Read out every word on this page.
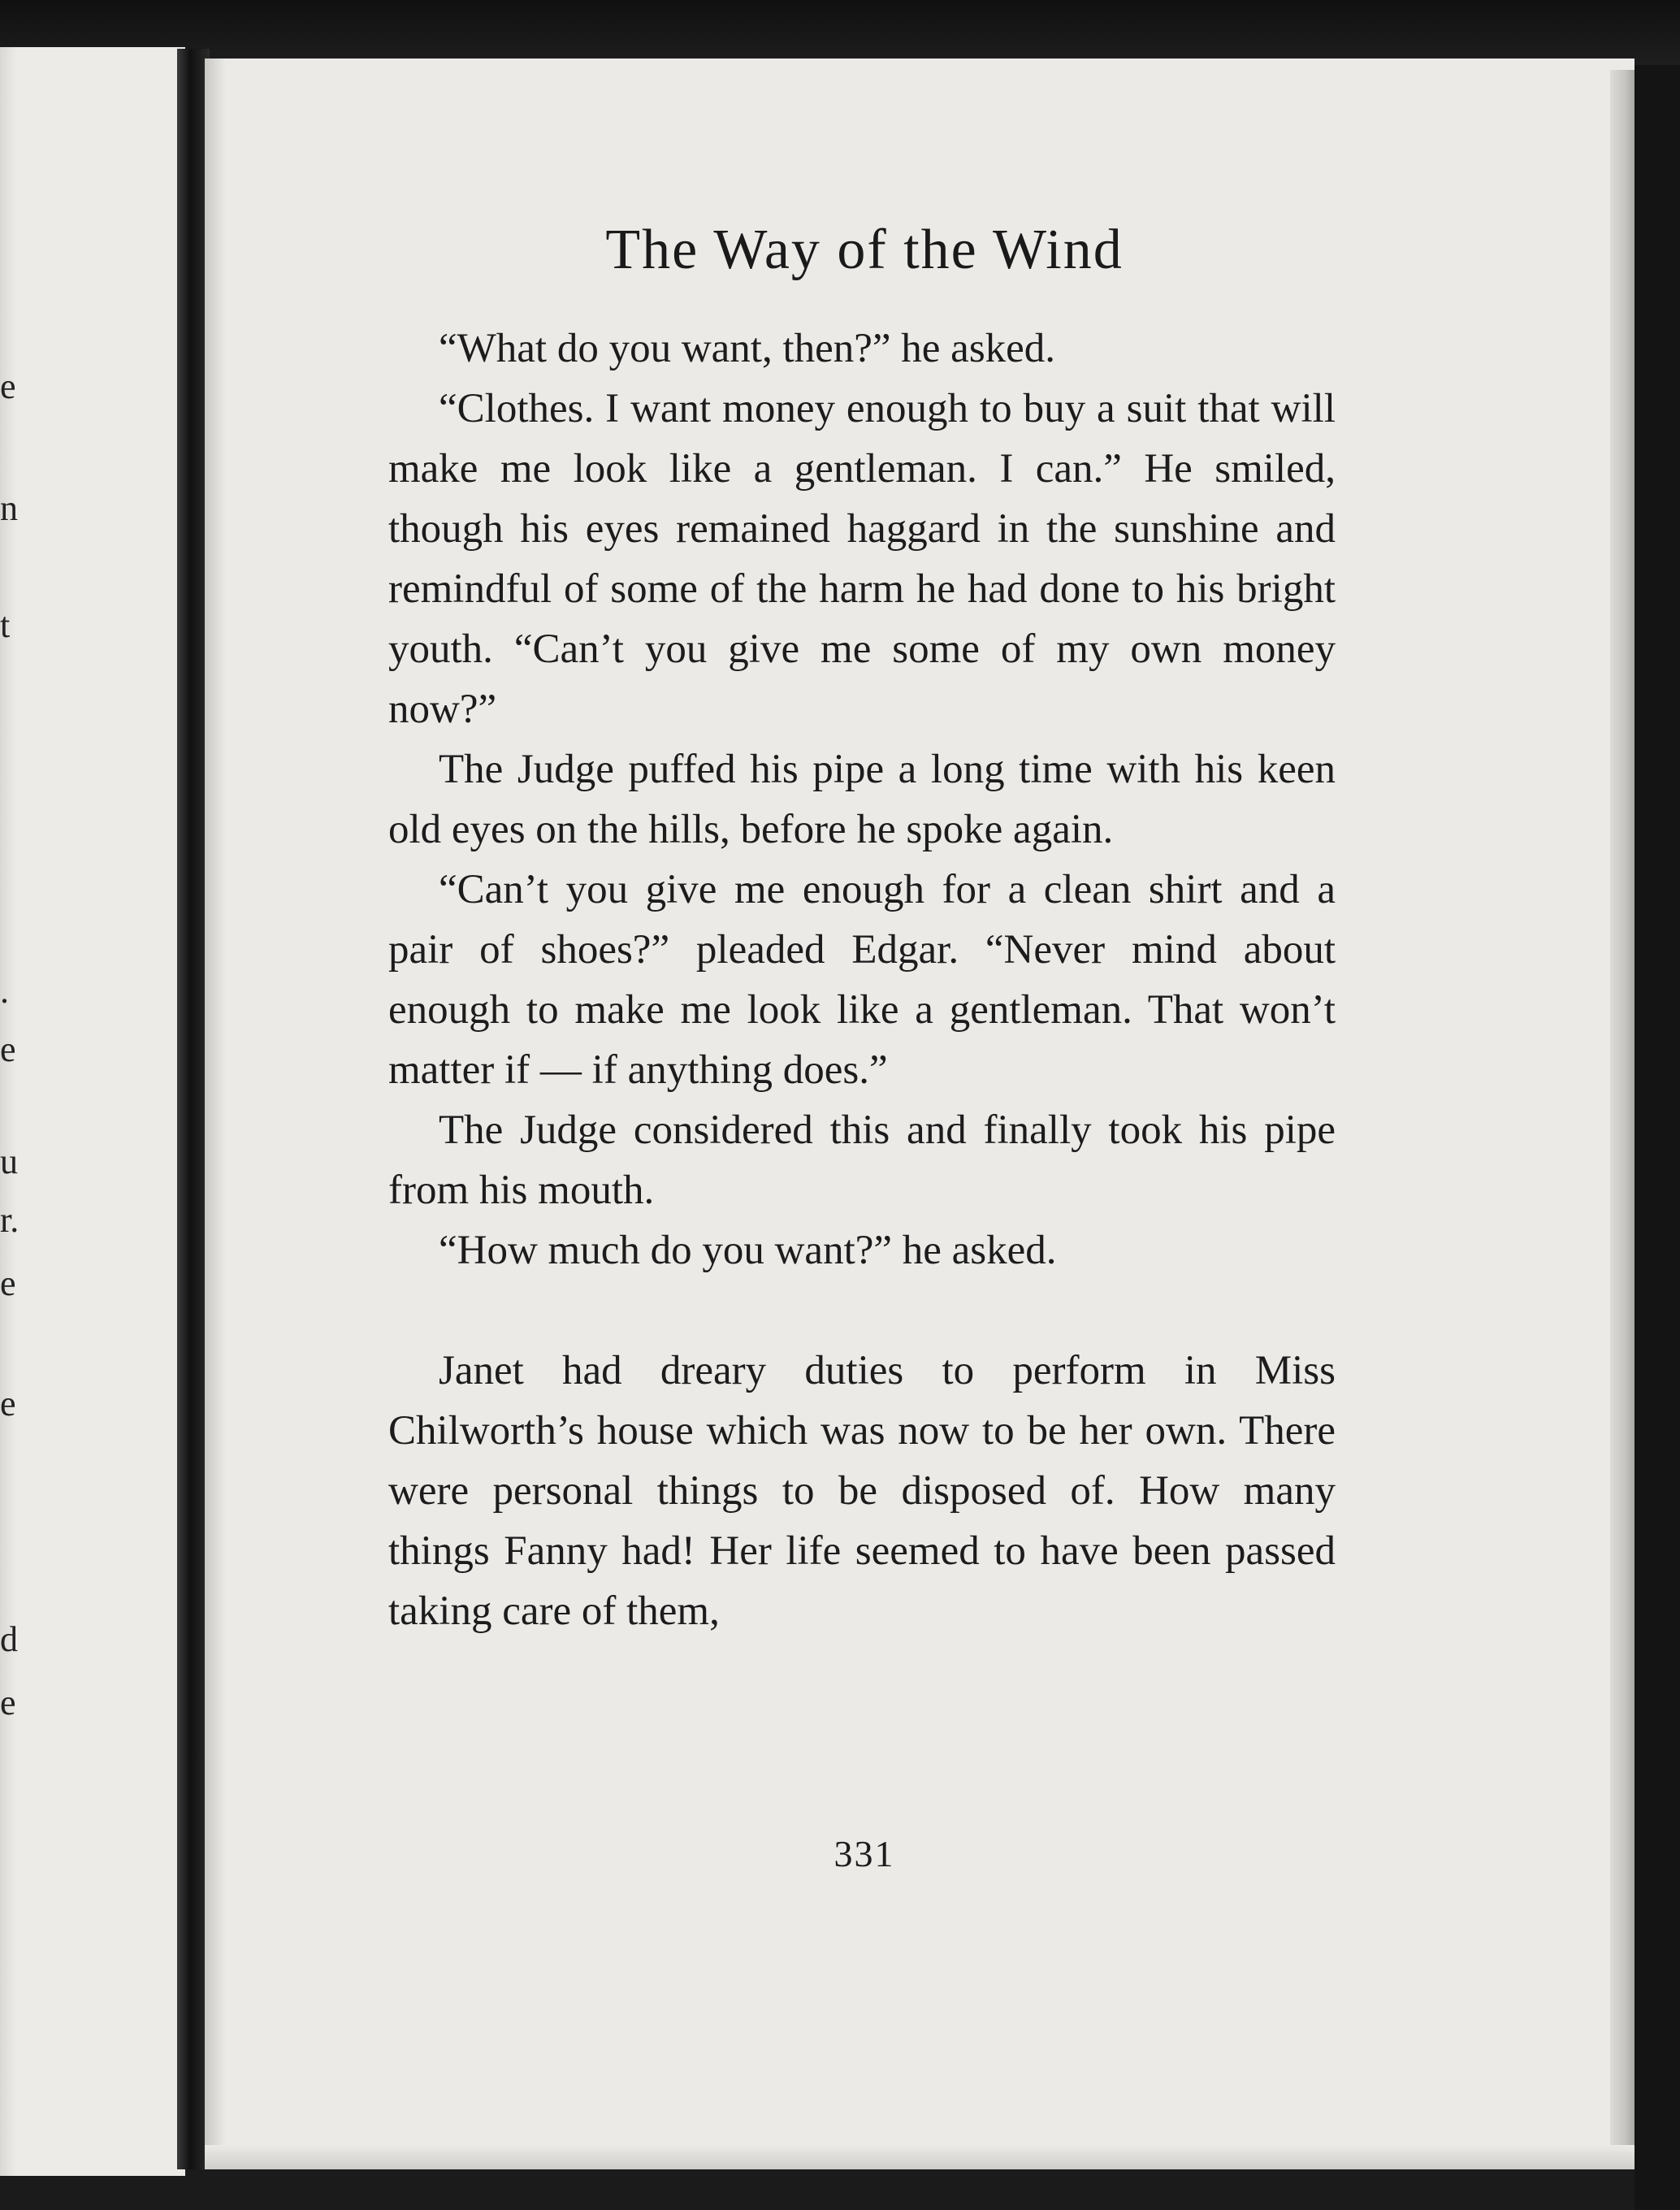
e
n
t
.
e
u
r.
e
e
d
e
The Way of the Wind

“What do you want, then?” he asked.

“Clothes. I want money enough to buy a suit that will make me look like a gentleman. I can.” He smiled, though his eyes remained haggard in the sunshine and remindful of some of the harm he had done to his bright youth. “Can’t you give me some of my own money now?”

The Judge puffed his pipe a long time with his keen old eyes on the hills, before he spoke again.

“Can’t you give me enough for a clean shirt and a pair of shoes?” pleaded Edgar. “Never mind about enough to make me look like a gentleman. That won’t matter if — if anything does.”

The Judge considered this and finally took his pipe from his mouth.

“How much do you want?” he asked.

Janet had dreary duties to perform in Miss Chilworth’s house which was now to be her own. There were personal things to be disposed of. How many things Fanny had! Her life seemed to have been passed taking care of them,

331
